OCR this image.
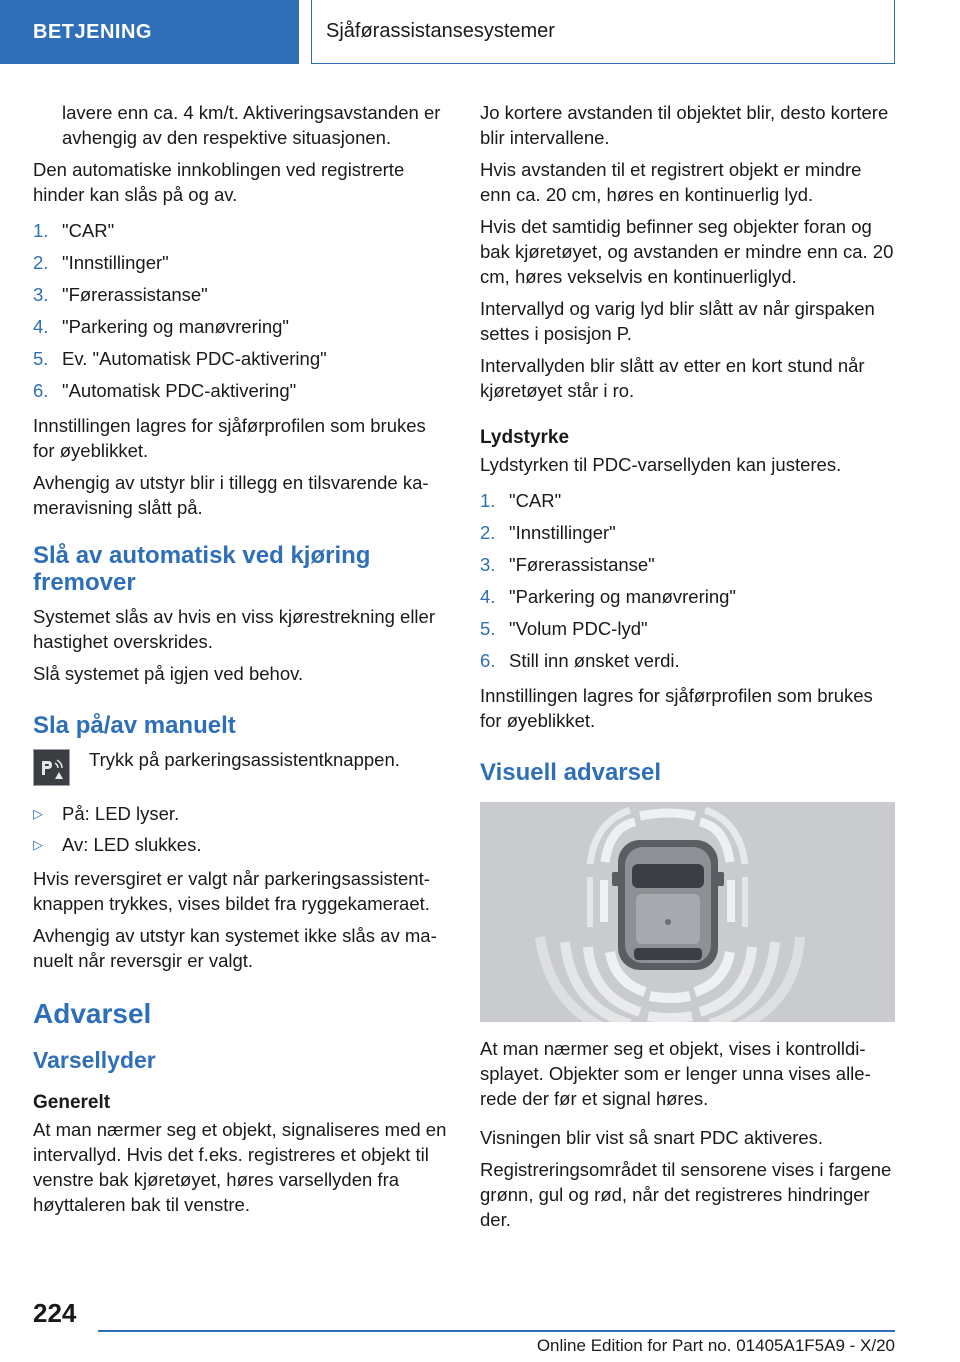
BETJENING	Sjåførassistansesystemer

lavere enn ca. 4 km/t. Aktiveringsavstanden er avhengig av den respektive situasjonen.

Den automatiske innkoblingen ved registrerte hinder kan slås på og av.

1. "CAR"
2. "Innstillinger"
3. "Førerassistanse"
4. "Parkering og manøvrering"
5. Ev. "Automatisk PDC-aktivering"
6. "Automatisk PDC-aktivering"

Innstillingen lagres for sjåførprofilen som brukes for øyeblikket.

Avhengig av utstyr blir i tillegg en tilsvarende kameravisning slått på.

Slå av automatisk ved kjøring fremover

Systemet slås av hvis en viss kjørestrekning eller hastighet overskrides.

Slå systemet på igjen ved behov.

Sla på/av manuelt
Trykk på parkeringsassistentknappen.
▷	På: LED lyser.
▷	Av: LED slukkes.

Hvis reversgiret er valgt når parkeringsassistentknappen trykkes, vises bildet fra ryggekameraet.

Avhengig av utstyr kan systemet ikke slås av manuelt når reversgir er valgt.

Advarsel
Varsellyder
Generelt

At man nærmer seg et objekt, signaliseres med en intervallyd. Hvis det f.eks. registreres et objekt til venstre bak kjøretøyet, høres varsellyden fra høyttaleren bak til venstre.

Jo kortere avstanden til objektet blir, desto kortere blir intervallene.

Hvis avstanden til et registrert objekt er mindre enn ca. 20 cm, høres en kontinuerlig lyd.

Hvis det samtidig befinner seg objekter foran og bak kjøretøyet, og avstanden er mindre enn ca. 20 cm, høres vekselvis en kontinuerliglyd.

Intervallyd og varig lyd blir slått av når girspaken settes i posisjon P.

Intervallyden blir slått av etter en kort stund når kjøretøyet står i ro.

Lydstyrke

Lydstyrken til PDC-varsellyden kan justeres.

1. "CAR"
2. "Innstillinger"
3. "Førerassistanse"
4. "Parkering og manøvrering"
5. "Volum PDC-lyd"
6. Still inn ønsket verdi.

Innstillingen lagres for sjåførprofilen som brukes for øyeblikket.

Visuell advarsel

At man nærmer seg et objekt, vises i kontrolldisplayet. Objekter som er lenger unna vises allerede der før et signal høres.

Visningen blir vist så snart PDC aktiveres.

Registreringsområdet til sensorene vises i fargene grønn, gul og rød, når det registreres hindringer der.

224
Online Edition for Part no. 01405A1F5A9 - X/20
